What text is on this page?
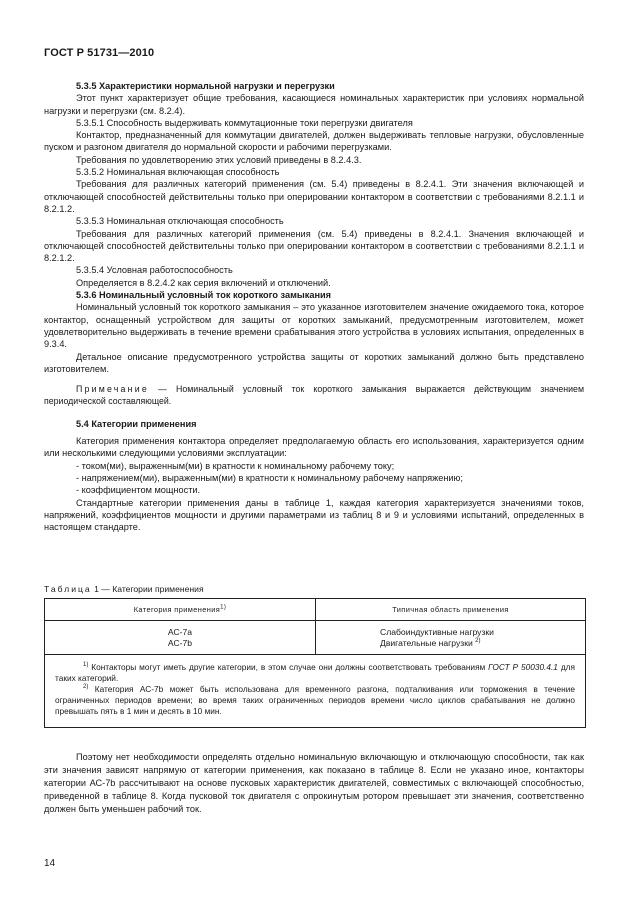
ГОСТ Р 51731—2010

5.3.5 Характеристики нормальной нагрузки и перегрузки

Этот пункт характеризует общие требования, касающиеся номинальных характеристик при условиях нормальной нагрузки и перегрузки (см. 8.2.4).

5.3.5.1 Способность выдерживать коммутационные токи перегрузки двигателя

Контактор, предназначенный для коммутации двигателей, должен выдерживать тепловые нагрузки, обусловленные пуском и разгоном двигателя до нормальной скорости и рабочими перегрузками.

Требования по удовлетворению этих условий приведены в 8.2.4.3.

5.3.5.2 Номинальная включающая способность

Требования для различных категорий применения (см. 5.4) приведены в 8.2.4.1. Эти значения включающей и отключающей способностей действительны только при оперировании контактором в соответствии с требованиями 8.2.1.1 и 8.2.1.2.

5.3.5.3 Номинальная отключающая способность

Требования для различных категорий применения (см. 5.4) приведены в 8.2.4.1. Значения включающей и отключающей способностей действительны только при оперировании контактором в соответствии с требованиями 8.2.1.1 и 8.2.1.2.

5.3.5.4 Условная работоспособность

Определяется в 8.2.4.2 как серия включений и отключений.

5.3.6 Номинальный условный ток короткого замыкания

Номинальный условный ток короткого замыкания – это указанное изготовителем значение ожидаемого тока, которое контактор, оснащенный устройством для защиты от коротких замыканий, предусмотренным изготовителем, может удовлетворительно выдерживать в течение времени срабатывания этого устройства в условиях испытания, определенных в 9.3.4.

Детальное описание предусмотренного устройства защиты от коротких замыканий должно быть представлено изготовителем.

Примечание — Номинальный условный ток короткого замыкания выражается действующим значением периодической составляющей.

5.4 Категории применения

Категория применения контактора определяет предполагаемую область его использования, характеризуется одним или несколькими следующими условиями эксплуатации:

- током(ми), выраженным(ми) в кратности к номинальному рабочему току;

- напряжением(ми), выраженным(ми) в кратности к номинальному рабочему напряжению;

- коэффициентом мощности.

Стандартные категории применения даны в таблице 1, каждая категория характеризуется значениями токов, напряжений, коэффициентов мощности и другими параметрами из таблиц 8 и 9 и условиями испытаний, определенных в настоящем стандарте.

Таблица 1 — Категории применения
Категория применения$^{1)}$	Типичная область применения
АС-7а
АС-7b
Слабоиндуктивные нагрузки
Двигательные нагрузки $^{2)}$

$^{1)}$ Контакторы могут иметь другие категории, в этом случае они должны соответствовать требованиям ГОСТ Р 50030.4.1 для таких категорий.

$^{2)}$ Категория АС-7b может быть использована для временного разгона, подталкивания или торможения в течение ограниченных периодов времени; во время таких ограниченных периодов времени число циклов срабатывания не должно превышать пять в 1 мин и десять в 10 мин.

Поэтому нет необходимости определять отдельно номинальную включающую и отключающую способности, так как эти значения зависят напрямую от категории применения, как показано в таблице 8. Если не указано иное, контакторы категории АС-7b рассчитывают на основе пусковых характеристик двигателей, совместимых с включающей способностью, приведенной в таблице 8. Когда пусковой ток двигателя с опрокинутым ротором превышает эти значения, соответственно должен быть уменьшен рабочий ток.

14
